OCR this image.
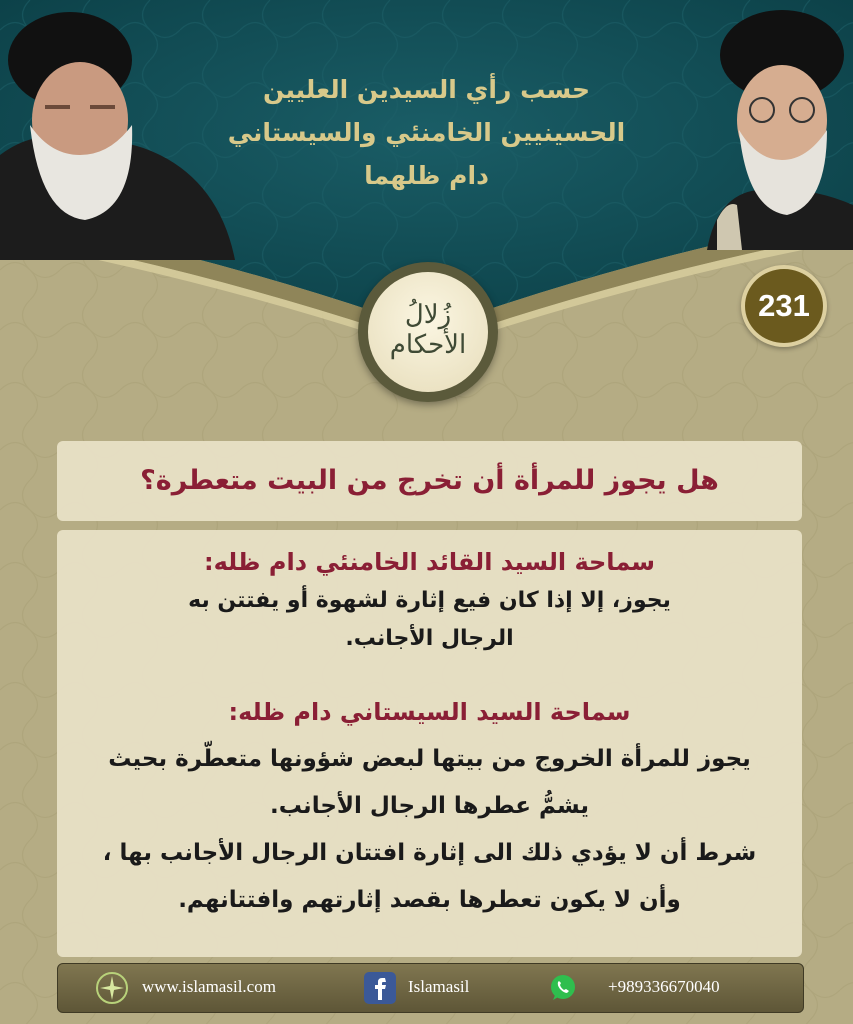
حسب رأي السيدين العليين
الحسينيين الخامنئي والسيستاني
دام ظلهما
زُلالُ
الأحكام
231
هل يجوز للمرأة أن تخرج من البيت متعطرة؟
سماحة السيد القائد الخامنئي دام ظله:
يجوز، إلا إذا كان فيع إثارة لشهوة أو يفتتن به
الرجال الأجانب.
سماحة السيد السيستاني دام ظله:
يجوز للمرأة الخروج من بيتها لبعض شؤونها متعطّرة بحيث
يشمُّ عطرها الرجال الأجانب.
شرط أن لا يؤدي ذلك الى إثارة افتتان الرجال الأجانب بها ،
وأن لا يكون تعطرها بقصد إثارتهم وافتتانهم.
www.islamasil.com	Islamasil	+989336670040
